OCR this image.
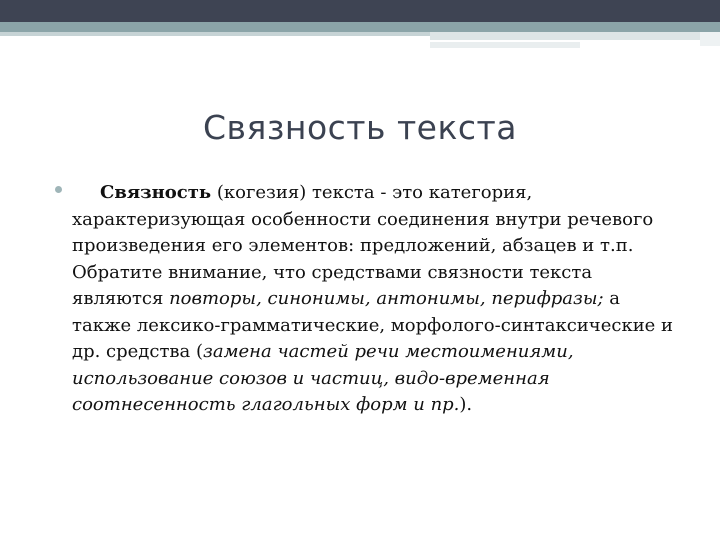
Связность текста

Связность (когезия) текста - это категория, характеризующая особенности соединения внутри речевого произведения его элементов: предложений, абзацев и т.п. Обратите внимание, что средствами связности текста являются повторы, синонимы, антонимы, перифразы; а также лексико-грамматические, морфолого-синтаксические и др. средства (замена частей речи местоимениями, использование союзов и частиц, видо-временная соотнесенность глагольных форм и пр.).
